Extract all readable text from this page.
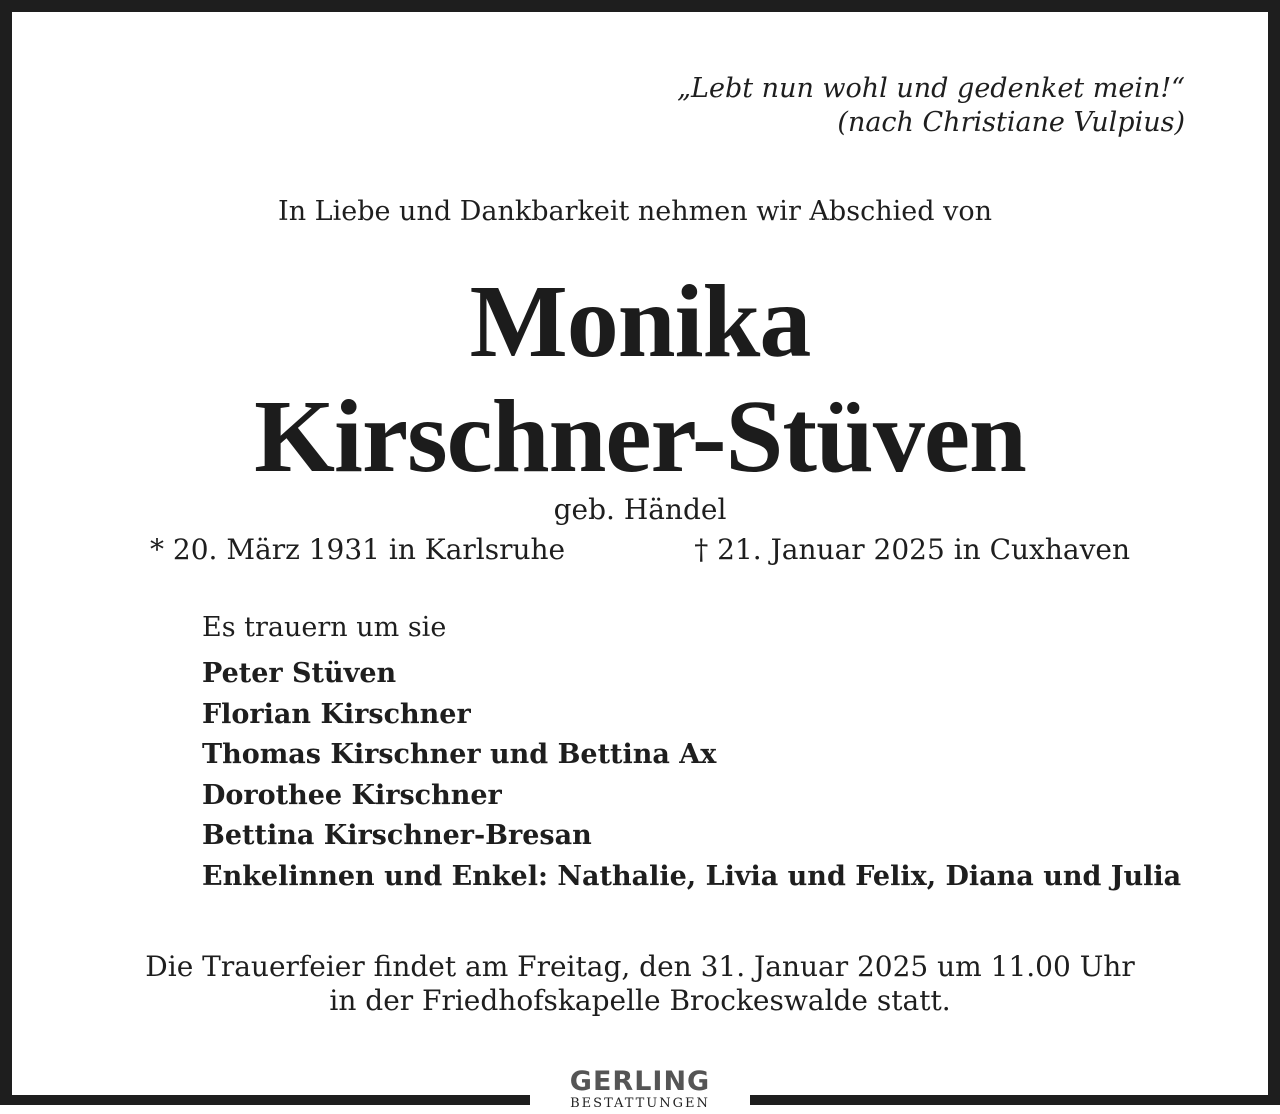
„Lebt nun wohl und gedenket mein!“
(nach Christiane Vulpius)
In Liebe und Dankbarkeit nehmen wir Abschied von
Monika
Kirschner-Stüven
geb. Händel
* 20. März 1931 in Karlsruhe	† 21. Januar 2025 in Cuxhaven
Es trauern um sie
Peter Stüven
Florian Kirschner
Thomas Kirschner und Bettina Ax
Dorothee Kirschner
Bettina Kirschner-Bresan
Enkelinnen und Enkel: Nathalie, Livia und Felix, Diana und Julia
Die Trauerfeier findet am Freitag, den 31. Januar 2025 um 11.00 Uhr
in der Friedhofskapelle Brockeswalde statt.
GERLING
BESTATTUNGEN
